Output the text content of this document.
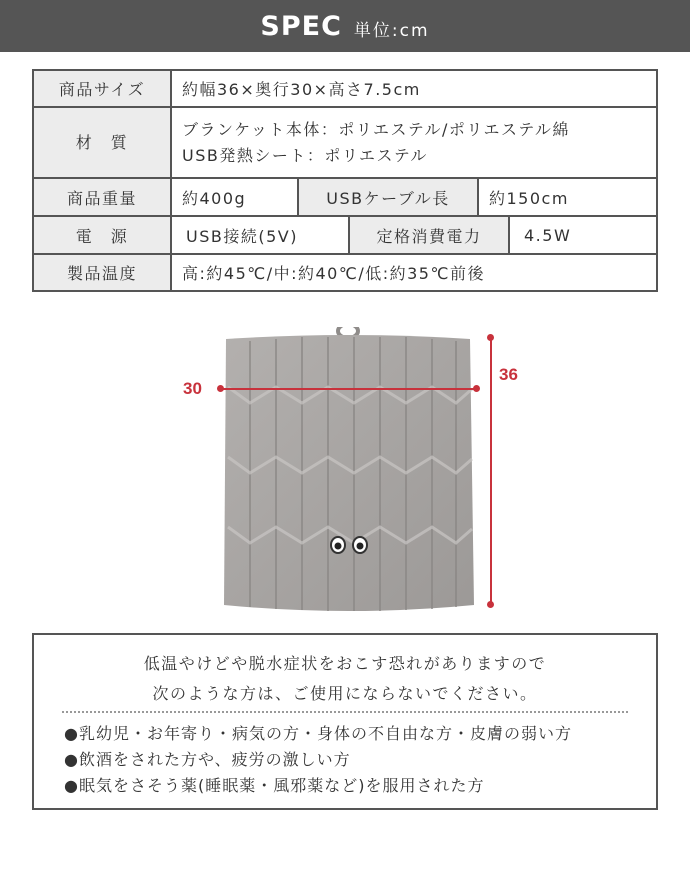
SPEC 単位:cm
商品サイズ	約幅36×奥行30×高さ7.5cm
材　質	
ブランケット本体：ポリエステル/ポリエステル綿
USB発熱シート：ポリエステル

商品重量		約400g	USBケーブル長	約150cm

電　源		USB接続(5V)	定格消費電力	4.5W

製品温度	高:約45℃/中:約40℃/低:約35℃前後
30
36
低温やけどや脱水症状をおこす恐れがありますので
次のような方は、ご使用にならないでください。
●乳幼児・お年寄り・病気の方・身体の不自由な方・皮膚の弱い方
●飲酒をされた方や、疲労の激しい方
●眠気をさそう薬(睡眠薬・風邪薬など)を服用された方
